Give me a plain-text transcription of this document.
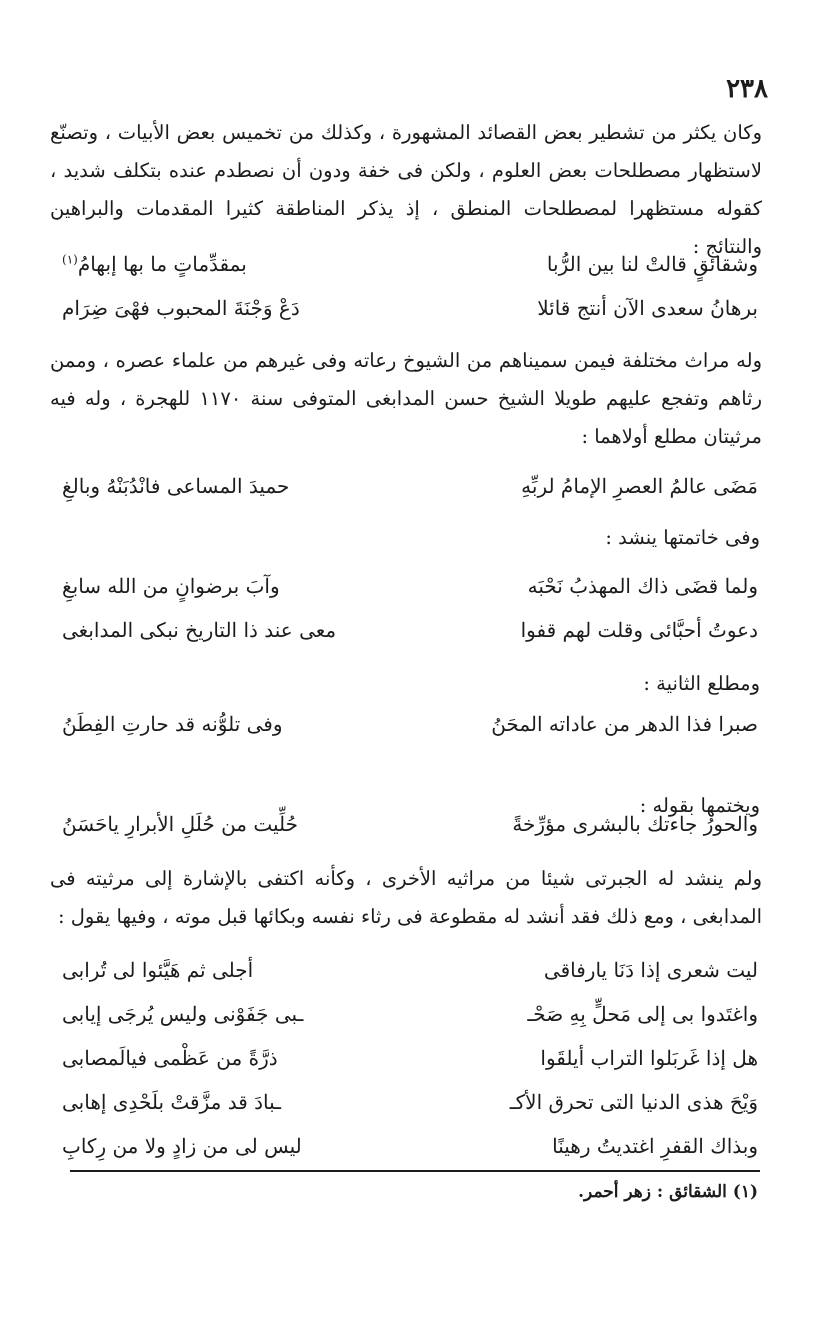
٢٣٨
وكان يكثر من تشطير بعض القصائد المشهورة ، وكذلك من تخميس بعض الأبيات ، وتصنّع لاستظهار مصطلحات بعض العلوم ، ولكن فى خفة ودون أن نصطدم عنده بتكلف شديد ، كقوله مستظهرا لمصطلحات المنطق ، إذ يذكر المناطقة كثيرا المقدمات والبراهين والنتائج :
وشقائقٍ قالتْ لنا بين الرُّبا
بمقدِّماتٍ ما بها إبهامُ$^{(١)}$
برهانُ سعدى الآن أنتج قائلا
دَعْ وَجْنَةَ المحبوب فهْىَ ضِرَام
وله مراث مختلفة فيمن سميناهم من الشيوخ رعاته وفى غيرهم من علماء عصره ، وممن رثاهم وتفجع عليهم طويلا الشيخ حسن المدابغى المتوفى سنة ١١٧٠ للهجرة ، وله فيه مرثيتان مطلع أولاهما :
مَضَى عالمُ العصرِ الإمامُ لربِّهِ
حميدَ المساعى فانْدُبَنْهُ وبالغِ
وفى خاتمتها ينشد :
ولما قضَى ذاك المهذبُ نَحْبَه
وآبَ برضوانٍ من الله سابغِ
دعوتُ أحبَّائى وقلت لهم قفوا
معى عند ذا التاريخ نبكى المدابغى
ومطلع الثانية :
صبرا فذا الدهر من عاداته المحَنُ
وفى تلوُّنه قد حارتِ الفِطَنُ
ويختمها بقوله :
والحورُ جاءتك بالبشرى مؤرِّخةً
حُلِّيت من حُلَلِ الأبرارِ ياحَسَنُ
ولم ينشد له الجبرتى شيئا من مراثيه الأخرى ، وكأنه اكتفى بالإشارة إلى مرثيته فى المدابغى ، ومع ذلك فقد أنشد له مقطوعة فى رثاء نفسه وبكائها قبل موته ، وفيها يقول :
ليت شعرى إذا دَنَا يارفاقى
أجلى ثم هَيَّئوا لى تُرابى
واغتَدوا بى إلى مَحلٍّ بِهِ صَحْـ
ـبى جَفَوْنى وليس يُرجَى إيابى
هل إذا غَربَلوا التراب أيلقَوا
ذرَّةً من عَظْمى فيالَمصابى
وَيْحَ هذى الدنيا التى تحرق الأكـ
ـبادَ قد مزَّقتْ بلَحْدِى إهابى
وبذاك القفرِ اغتديتُ رهينًا
ليس لى من زادٍ ولا من رِكابِ
(١) الشقائق : زهر أحمر.
